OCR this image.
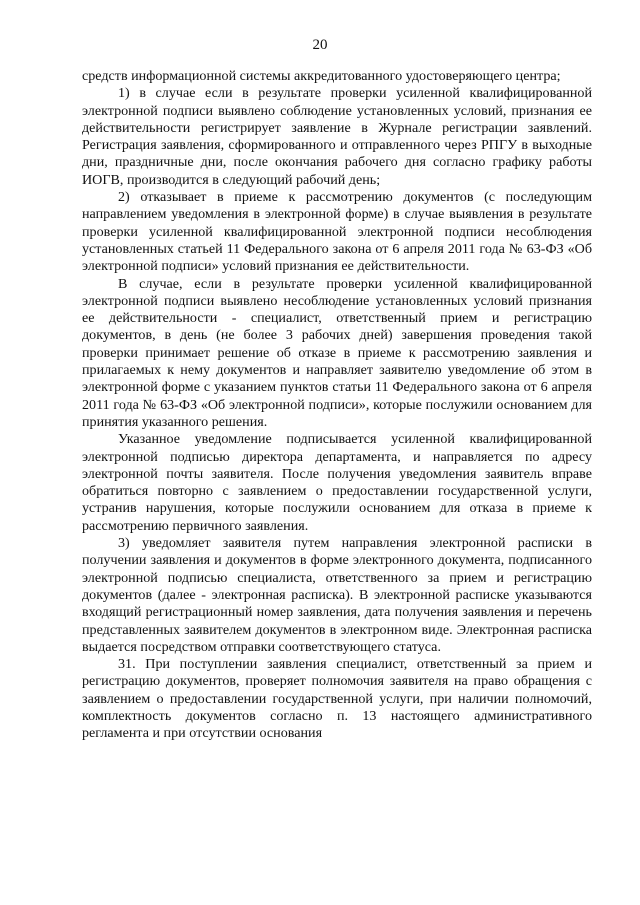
20

средств информационной системы аккредитованного удостоверяющего центра;

1) в случае если в результате проверки усиленной квалифицированной электронной подписи выявлено соблюдение установленных условий, признания ее действительности регистрирует заявление в Журнале регистрации заявлений. Регистрация заявления, сформированного и отправленного через РПГУ в выходные дни, праздничные дни, после окончания рабочего дня согласно графику работы ИОГВ, производится в следующий рабочий день;

2) отказывает в приеме к рассмотрению документов (с последующим направлением уведомления в электронной форме) в случае выявления в результате проверки усиленной квалифицированной электронной подписи несоблюдения установленных статьей 11 Федерального закона от 6 апреля 2011 года № 63-ФЗ «Об электронной подписи» условий признания ее действительности.

В случае, если в результате проверки усиленной квалифицированной электронной подписи выявлено несоблюдение установленных условий признания ее действительности - специалист, ответственный прием и регистрацию документов, в день (не более 3 рабочих дней) завершения проведения такой проверки принимает решение об отказе в приеме к рассмотрению заявления и прилагаемых к нему документов и направляет заявителю уведомление об этом в электронной форме с указанием пунктов статьи 11 Федерального закона от 6 апреля 2011 года № 63-ФЗ «Об электронной подписи», которые послужили основанием для принятия указанного решения.

Указанное уведомление подписывается усиленной квалифицированной электронной подписью директора департамента, и направляется по адресу электронной почты заявителя. После получения уведомления заявитель вправе обратиться повторно с заявлением о предоставлении государственной услуги, устранив нарушения, которые послужили основанием для отказа в приеме к рассмотрению первичного заявления.

3) уведомляет заявителя путем направления электронной расписки в получении заявления и документов в форме электронного документа, подписанного электронной подписью специалиста, ответственного за прием и регистрацию документов (далее - электронная расписка). В электронной расписке указываются входящий регистрационный номер заявления, дата получения заявления и перечень представленных заявителем документов в электронном виде. Электронная расписка выдается посредством отправки соответствующего статуса.

31. При поступлении заявления специалист, ответственный за прием и регистрацию документов, проверяет полномочия заявителя на право обращения с заявлением о предоставлении государственной услуги, при наличии полномочий, комплектность документов согласно п. 13 настоящего административного регламента и при отсутствии основания
